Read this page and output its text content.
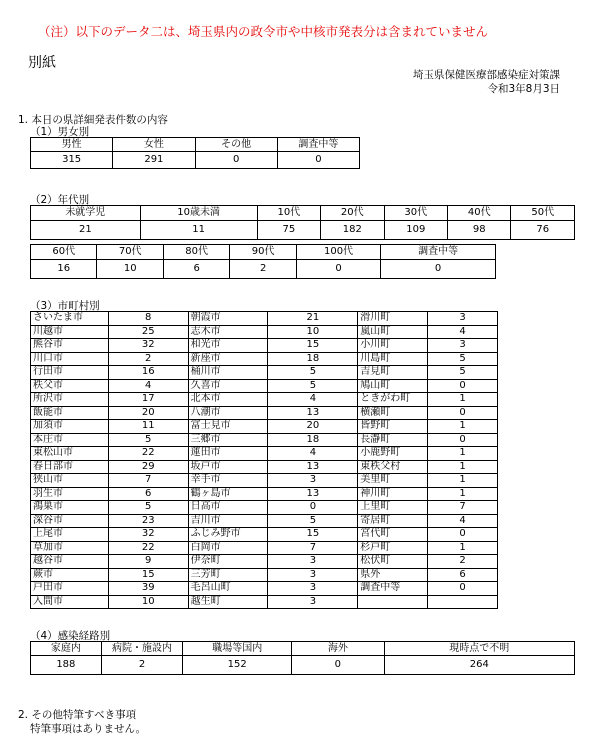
（注）以下のデータ二は、埼玉県内の政令市や中核市発表分は含まれていません
別紙
埼玉県保健医療部感染症対策課
令和3年8月3日
1. 本日の県詳細発表件数の内容
（1）男女別
男性	女性	その他	調査中等
315	291	0	0
（2）年代別
未就学児	10歳未満	10代	20代	30代	40代	50代
21	11	75	182	109	98	76
60代	70代	80代	90代	100代	調査中等
16	10	6	2	0	0
（3）市町村別
さいたま市	8	朝霞市	21	滑川町	3
川越市	25	志木市	10	嵐山町	4
熊谷市	32	和光市	15	小川町	3
川口市	2	新座市	18	川島町	5
行田市	16	桶川市	5	吉見町	5
秩父市	4	久喜市	5	鳩山町	0
所沢市	17	北本市	4	ときがわ町	1
飯能市	20	八潮市	13	横瀬町	0
加須市	11	富士見市	20	皆野町	1
本庄市	5	三郷市	18	長瀞町	0
東松山市	22	蓮田市	4	小鹿野町	1
春日部市	29	坂戸市	13	東秩父村	1
狭山市	7	幸手市	3	美里町	1
羽生市	6	鶴ヶ島市	13	神川町	1
鴻巣市	5	日高市	0	上里町	7
深谷市	23	吉川市	5	寄居町	4
上尾市	32	ふじみ野市	15	宮代町	0
草加市	22	白岡市	7	杉戸町	1
越谷市	9	伊奈町	3	松伏町	2
蕨市	15	三芳町	3	県外	6
戸田市	39	毛呂山町	3	調査中等	0
入間市	10	越生町	3		
（4）感染経路別
家庭内	病院・施設内	職場等国内	海外	現時点で不明
188	2	152	0	264
2. その他特筆すべき事項
特筆事項はありません。
